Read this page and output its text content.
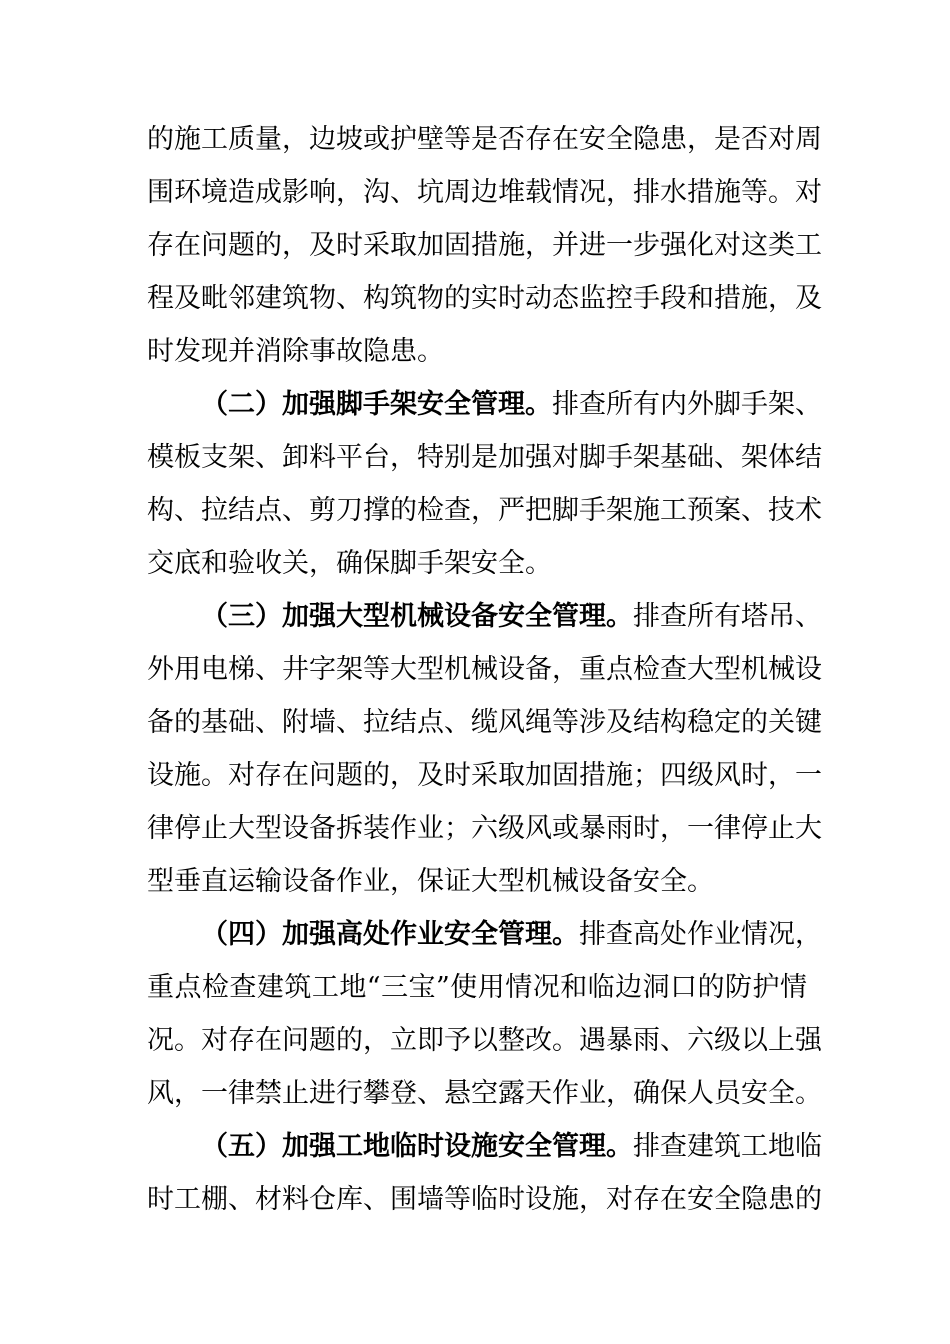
的施工质量，边坡或护壁等是否存在安全隐患，是否对周
围环境造成影响，沟、坑周边堆载情况，排水措施等。对
存在问题的，及时采取加固措施，并进一步强化对这类工
程及毗邻建筑物、构筑物的实时动态监控手段和措施，及
时发现并消除事故隐患。
（二）加强脚手架安全管理。排查所有内外脚手架、
模板支架、卸料平台，特别是加强对脚手架基础、架体结
构、拉结点、剪刀撑的检查，严把脚手架施工预案、技术
交底和验收关，确保脚手架安全。
（三）加强大型机械设备安全管理。排查所有塔吊、
外用电梯、井字架等大型机械设备，重点检查大型机械设
备的基础、附墙、拉结点、缆风绳等涉及结构稳定的关键
设施。对存在问题的，及时采取加固措施；四级风时，一
律停止大型设备拆装作业；六级风或暴雨时，一律停止大
型垂直运输设备作业，保证大型机械设备安全。
（四）加强高处作业安全管理。排查高处作业情况，
重点检查建筑工地“三宝”使用情况和临边洞口的防护情
况。对存在问题的，立即予以整改。遇暴雨、六级以上强
风，一律禁止进行攀登、悬空露天作业，确保人员安全。
（五）加强工地临时设施安全管理。排查建筑工地临
时工棚、材料仓库、围墙等临时设施，对存在安全隐患的
